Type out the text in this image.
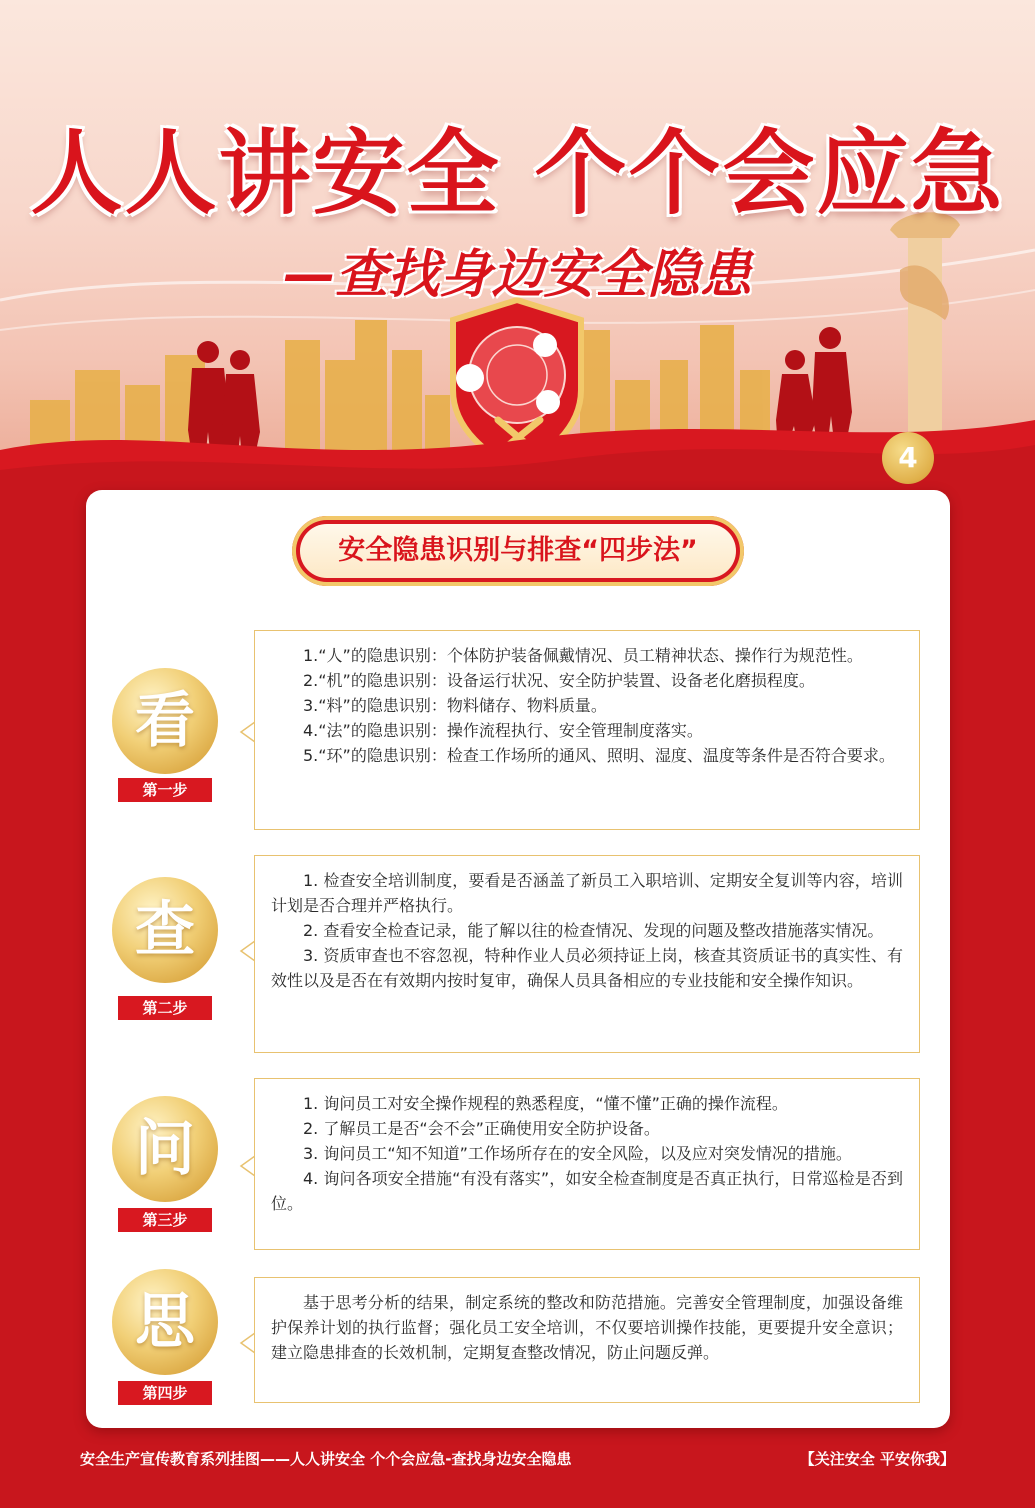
人人讲安全 个个会应急
—查找身边安全隐患
4
安全隐患识别与排查“四步法”
看
第一步

1.“人”的隐患识别：个体防护装备佩戴情况、员工精神状态、操作行为规范性。

2.“机”的隐患识别：设备运行状况、安全防护装置、设备老化磨损程度。

3.“料”的隐患识别：物料储存、物料质量。

4.“法”的隐患识别：操作流程执行、安全管理制度落实。

5.“环”的隐患识别：检查工作场所的通风、照明、湿度、温度等条件是否符合要求。

查
第二步

1. 检查安全培训制度，要看是否涵盖了新员工入职培训、定期安全复训等内容，培训计划是否合理并严格执行。

2. 查看安全检查记录，能了解以往的检查情况、发现的问题及整改措施落实情况。

3. 资质审查也不容忽视，特种作业人员必须持证上岗，核查其资质证书的真实性、有效性以及是否在有效期内按时复审，确保人员具备相应的专业技能和安全操作知识。

问
第三步

1. 询问员工对安全操作规程的熟悉程度，“懂不懂”正确的操作流程。

2. 了解员工是否“会不会”正确使用安全防护设备。

3. 询问员工“知不知道”工作场所存在的安全风险，以及应对突发情况的措施。

4. 询问各项安全措施“有没有落实”，如安全检查制度是否真正执行，日常巡检是否到位。

思
第四步

基于思考分析的结果，制定系统的整改和防范措施。完善安全管理制度，加强设备维护保养计划的执行监督；强化员工安全培训，不仅要培训操作技能，更要提升安全意识；建立隐患排查的长效机制，定期复查整改情况，防止问题反弹。

安全生产宣传教育系列挂图——人人讲安全 个个会应急-查找身边安全隐患	【关注安全 平安你我】
